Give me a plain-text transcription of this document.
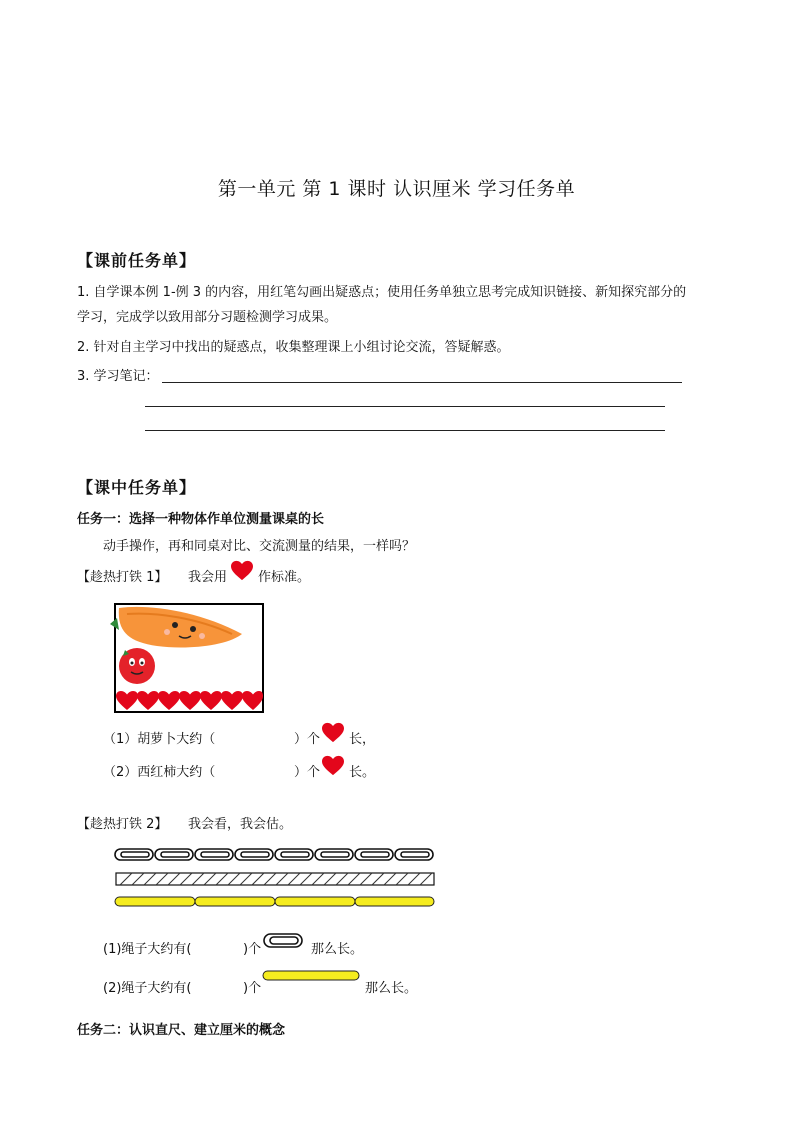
第一单元 第 1 课时 认识厘米 学习任务单
【课前任务单】
1. 自学课本例 1-例 3 的内容，用红笔勾画出疑惑点；使用任务单独立思考完成知识链接、新知探究部分的
学习，完成学以致用部分习题检测学习成果。
2. 针对自主学习中找出的疑惑点，收集整理课上小组讨论交流，答疑解惑。
3. 学习笔记：
【课中任务单】
任务一：选择一种物体作单位测量课桌的长
动手操作，再和同桌对比、交流测量的结果，一样吗？
【趁热打铁 1】 我会用 作标准。
（1）胡萝卜大约（	）个 长，
（2）西红柿大约（	）个 长。
【趁热打铁 2】 我会看，我会估。
(1)绳子大约有(	)个	那么长。
(2)绳子大约有(	)个	那么长。
任务二：认识直尺、建立厘米的概念
